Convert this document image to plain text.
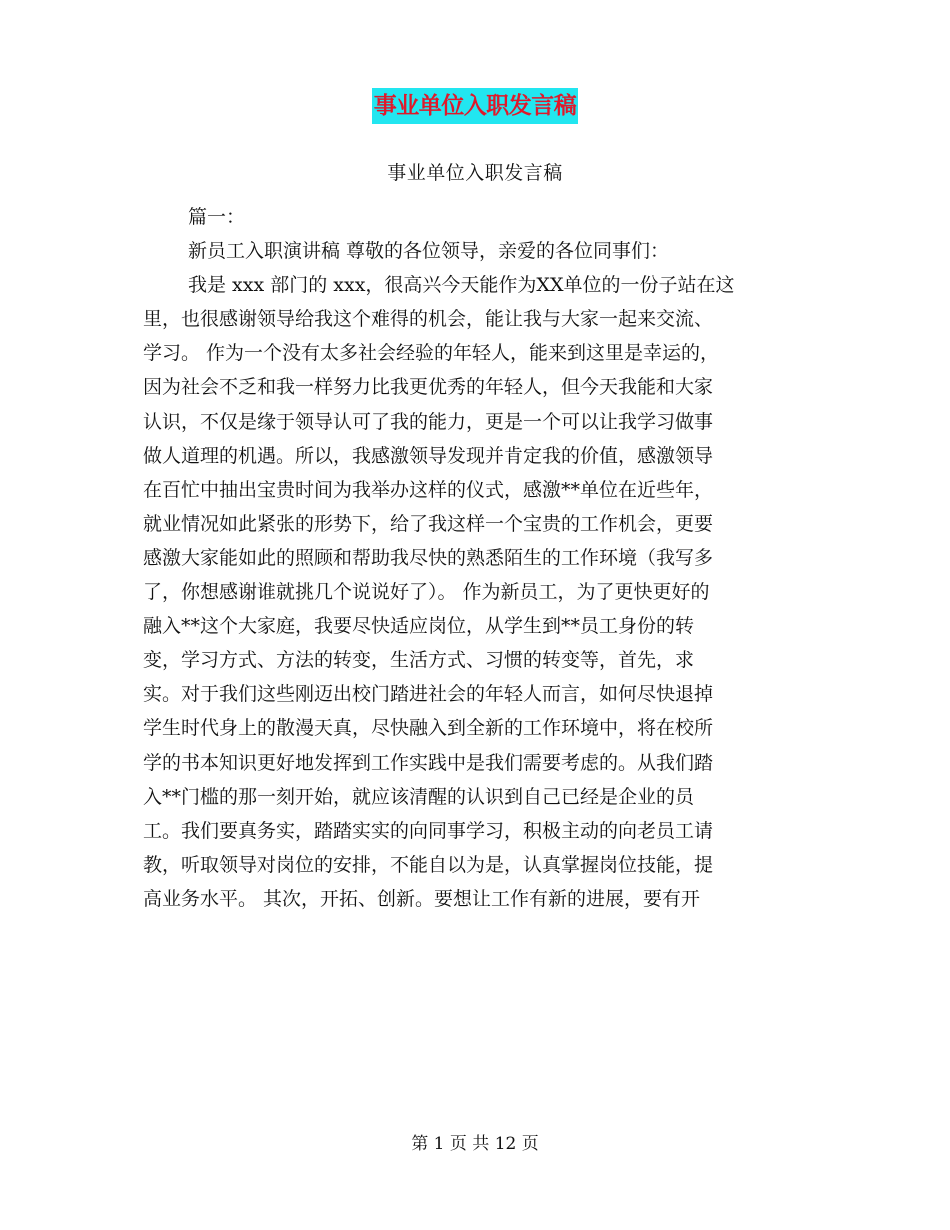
事业单位入职发言稿
事业单位入职发言稿
篇一：
新员工入职演讲稿 尊敬的各位领导，亲爱的各位同事们：
我是 xxx 部门的 xxx，很高兴今天能作为XX单位的一份子站在这
里，也很感谢领导给我这个难得的机会，能让我与大家一起来交流、
学习。 作为一个没有太多社会经验的年轻人，能来到这里是幸运的，
因为社会不乏和我一样努力比我更优秀的年轻人，但今天我能和大家
认识，不仅是缘于领导认可了我的能力，更是一个可以让我学习做事
做人道理的机遇。所以，我感激领导发现并肯定我的价值，感激领导
在百忙中抽出宝贵时间为我举办这样的仪式，感激**单位在近些年，
就业情况如此紧张的形势下，给了我这样一个宝贵的工作机会，更要
感激大家能如此的照顾和帮助我尽快的熟悉陌生的工作环境（我写多
了，你想感谢谁就挑几个说说好了）。 作为新员工，为了更快更好的
融入**这个大家庭，我要尽快适应岗位，从学生到**员工身份的转
变，学习方式、方法的转变，生活方式、习惯的转变等，首先，求
实。对于我们这些刚迈出校门踏进社会的年轻人而言，如何尽快退掉
学生时代身上的散漫天真，尽快融入到全新的工作环境中，将在校所
学的书本知识更好地发挥到工作实践中是我们需要考虑的。从我们踏
入**门槛的那一刻开始，就应该清醒的认识到自己已经是企业的员
工。我们要真务实，踏踏实实的向同事学习，积极主动的向老员工请
教，听取领导对岗位的安排，不能自以为是，认真掌握岗位技能，提
高业务水平。 其次，开拓、创新。要想让工作有新的进展，要有开
第 1 页 共 12 页
